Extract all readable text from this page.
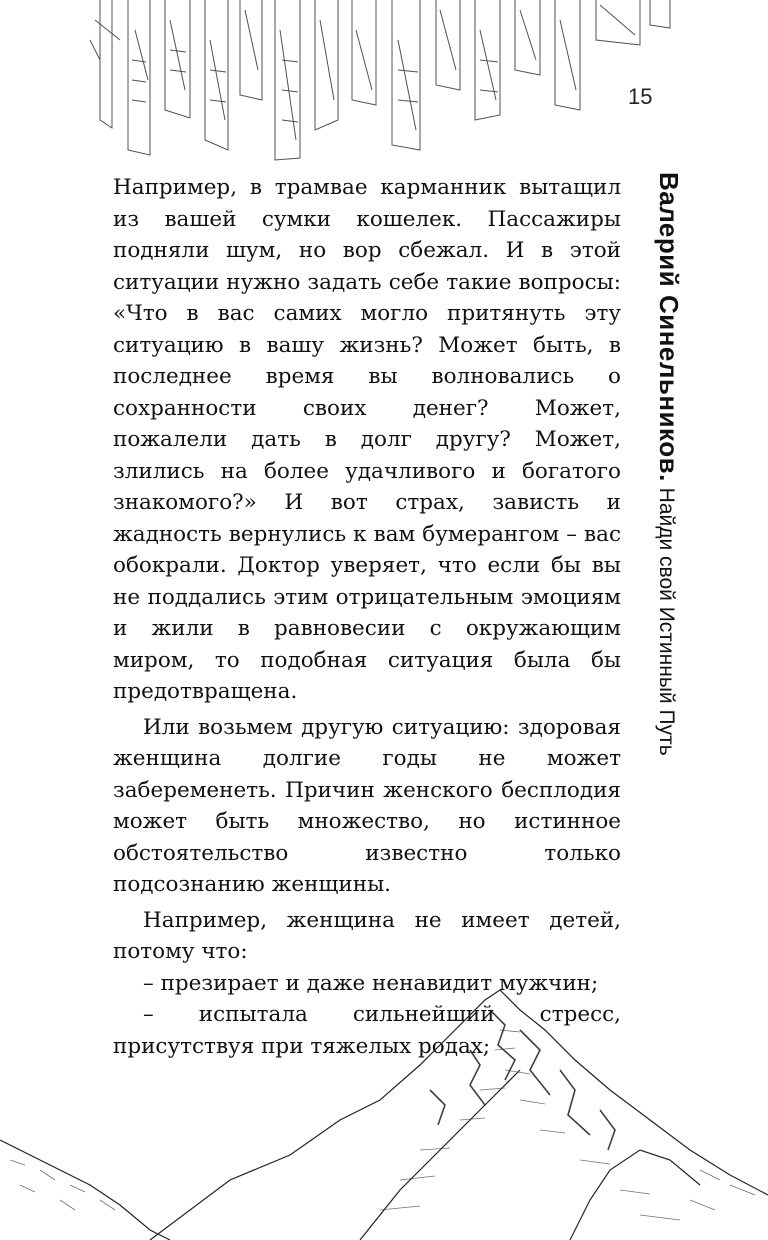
15

Например, в трамвае карманник вытащил из вашей сумки кошелек. Пассажиры подняли шум, но вор сбежал. И в этой ситуации нужно задать себе такие вопросы: «Что в вас самих могло притянуть эту ситуацию в вашу жизнь? Может быть, в последнее время вы волновались о сохранности своих денег? Может, пожалели дать в долг другу? Может, злились на более удачливого и богатого знакомого?» И вот страх, зависть и жадность вернулись к вам бумерангом – вас обокрали. Доктор уверяет, что если бы вы не поддались этим отрицательным эмоциям и жили в равновесии с окружающим миром, то подобная ситуация была бы предотвращена.

Или возьмем другую ситуацию: здоровая женщина долгие годы не может забеременеть. Причин женского бесплодия может быть множество, но истинное обстоятельство известно только подсознанию женщины.

Например, женщина не имеет детей, потому что:

– презирает и даже ненавидит мужчин;

– испытала сильнейший стресс, присутствуя при тяжелых родах;

Валерий Синельников. Найди свой Истинный Путь
